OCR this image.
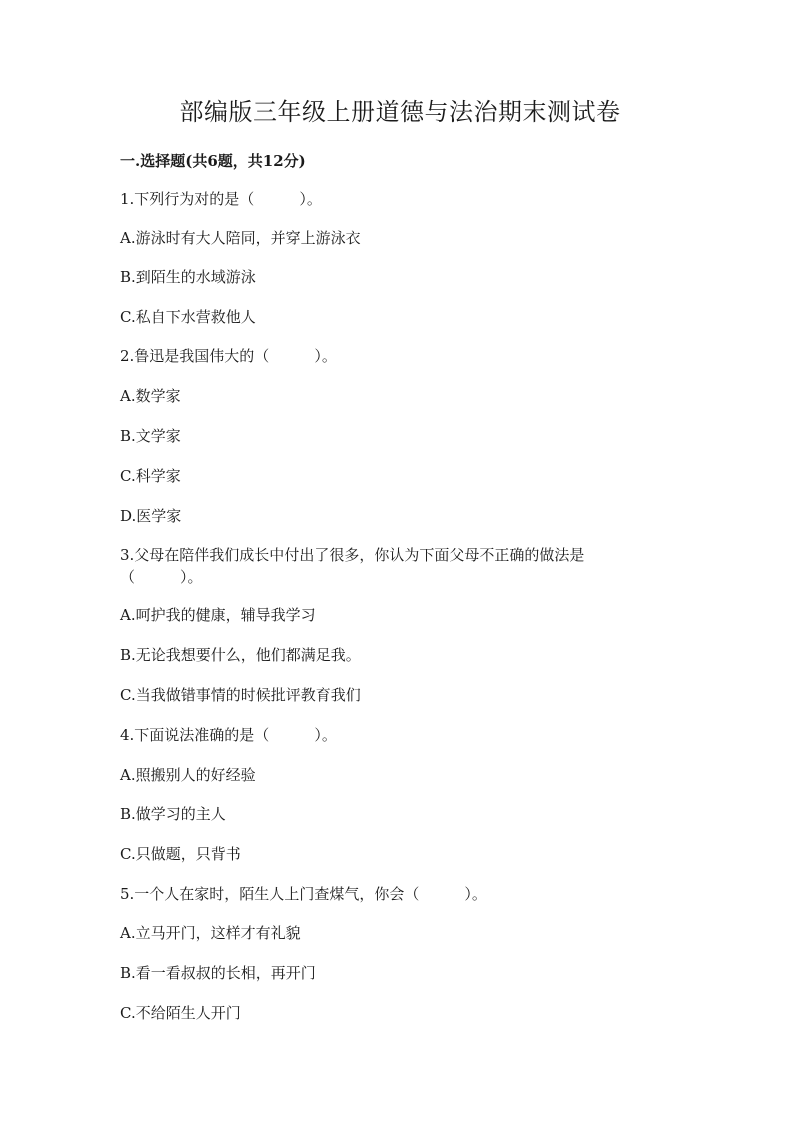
部编版三年级上册道德与法治期末测试卷
一.选择题(共6题，共12分)
1.下列行为对的是（　　　）。
A.游泳时有大人陪同，并穿上游泳衣
B.到陌生的水域游泳
C.私自下水营救他人
2.鲁迅是我国伟大的（　　　）。
A.数学家
B.文学家
C.科学家
D.医学家
3.父母在陪伴我们成长中付出了很多，你认为下面父母不正确的做法是
（　　　）。
A.呵护我的健康，辅导我学习
B.无论我想要什么，他们都满足我。
C.当我做错事情的时候批评教育我们
4.下面说法准确的是（　　　）。
A.照搬别人的好经验
B.做学习的主人
C.只做题，只背书
5.一个人在家时，陌生人上门查煤气，你会（　　　）。
A.立马开门，这样才有礼貌
B.看一看叔叔的长相，再开门
C.不给陌生人开门
